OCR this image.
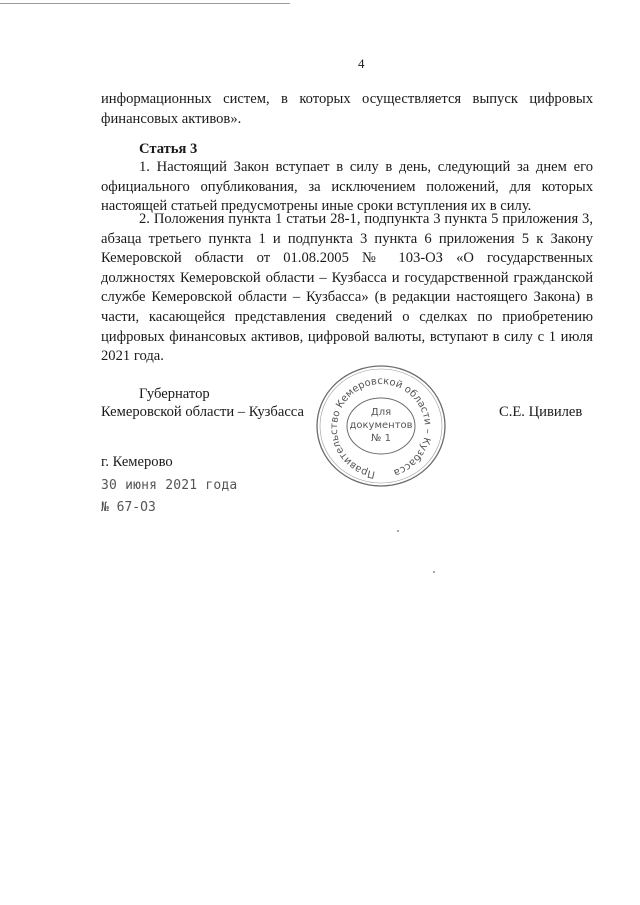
4

информационных систем, в которых осуществляется выпуск цифровых финансовых активов».

Статья 3

1. Настоящий Закон вступает в силу в день, следующий за днем его официального опубликования, за исключением положений, для которых настоящей статьей предусмотрены иные сроки вступления их в силу.

2. Положения пункта 1 статьи 28-1, подпункта 3 пункта 5 приложения 3, абзаца третьего пункта 1 и подпункта 3 пункта 6 приложения 5 к Закону Кемеровской области от 01.08.2005 № 103-ОЗ «О государственных должностях Кемеровской области – Кузбасса и государственной гражданской службе Кемеровской области – Кузбасса» (в редакции настоящего Закона) в части, касающейся представления сведений о сделках по приобретению цифровых финансовых активов, цифровой валюты, вступают в силу с 1 июля 2021 года.

Губернатор
Кемеровской области – Кузбасса	С.Е. Цивилев
Правительство Кемеровской области – Кузбасса
Для
документов
№ 1
г. Кемерово
30 июня 2021 года
№ 67-ОЗ
